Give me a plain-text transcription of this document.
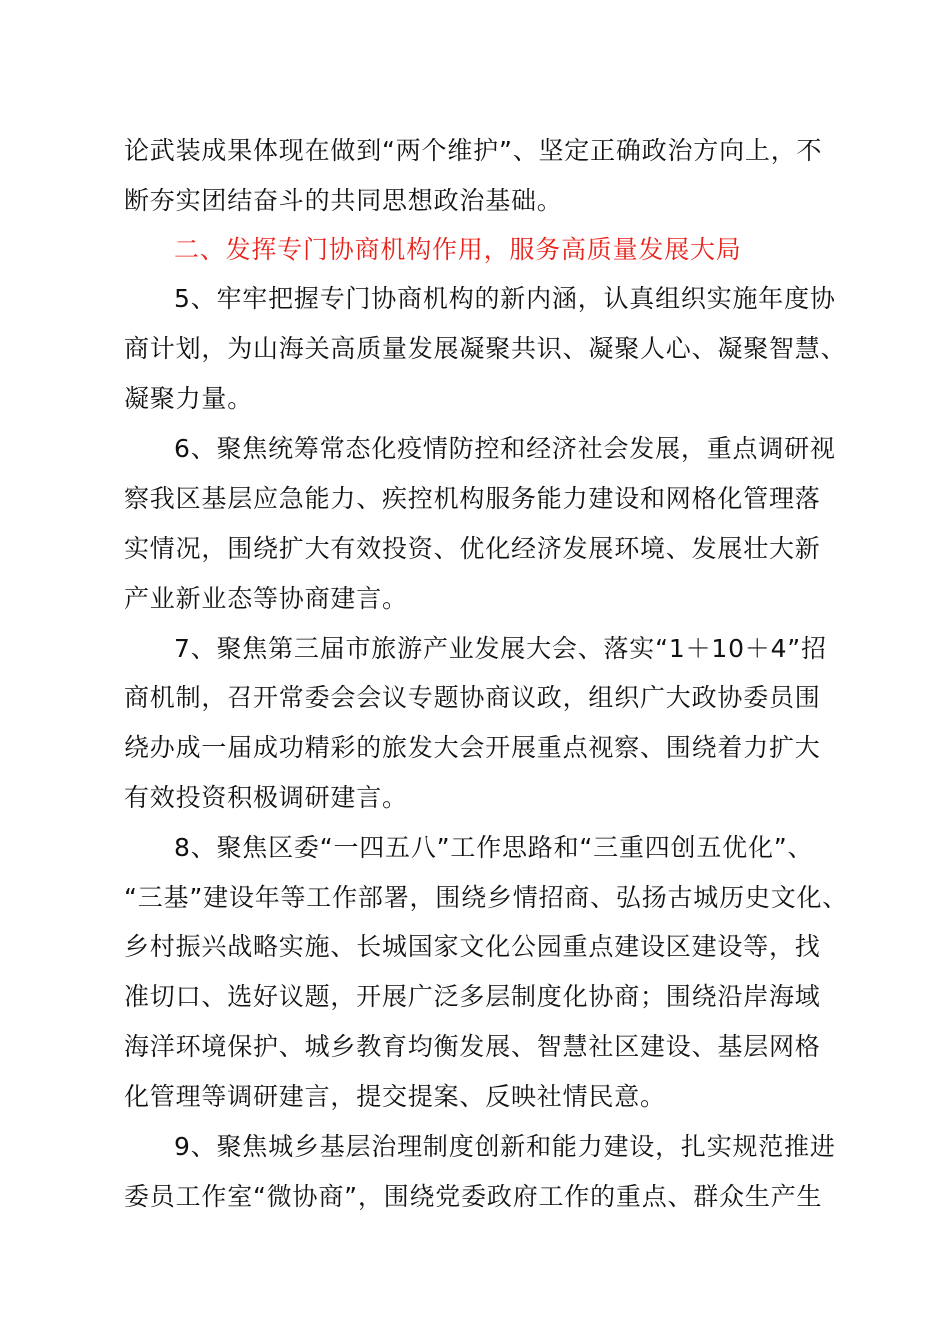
论武装成果体现在做到“两个维护”、坚定正确政治方向上，不
断夯实团结奋斗的共同思想政治基础。
二、发挥专门协商机构作用，服务高质量发展大局
5、牢牢把握专门协商机构的新内涵，认真组织实施年度协
商计划，为山海关高质量发展凝聚共识、凝聚人心、凝聚智慧、
凝聚力量。
6、聚焦统筹常态化疫情防控和经济社会发展，重点调研视
察我区基层应急能力、疾控机构服务能力建设和网格化管理落
实情况，围绕扩大有效投资、优化经济发展环境、发展壮大新
产业新业态等协商建言。
7、聚焦第三届市旅游产业发展大会、落实“1＋10＋4”招
商机制，召开常委会会议专题协商议政，组织广大政协委员围
绕办成一届成功精彩的旅发大会开展重点视察、围绕着力扩大
有效投资积极调研建言。
8、聚焦区委“一四五八”工作思路和“三重四创五优化”、
“三基”建设年等工作部署，围绕乡情招商、弘扬古城历史文化、
乡村振兴战略实施、长城国家文化公园重点建设区建设等，找
准切口、选好议题，开展广泛多层制度化协商；围绕沿岸海域
海洋环境保护、城乡教育均衡发展、智慧社区建设、基层网格
化管理等调研建言，提交提案、反映社情民意。
9、聚焦城乡基层治理制度创新和能力建设，扎实规范推进
委员工作室“微协商”，围绕党委政府工作的重点、群众生产生
